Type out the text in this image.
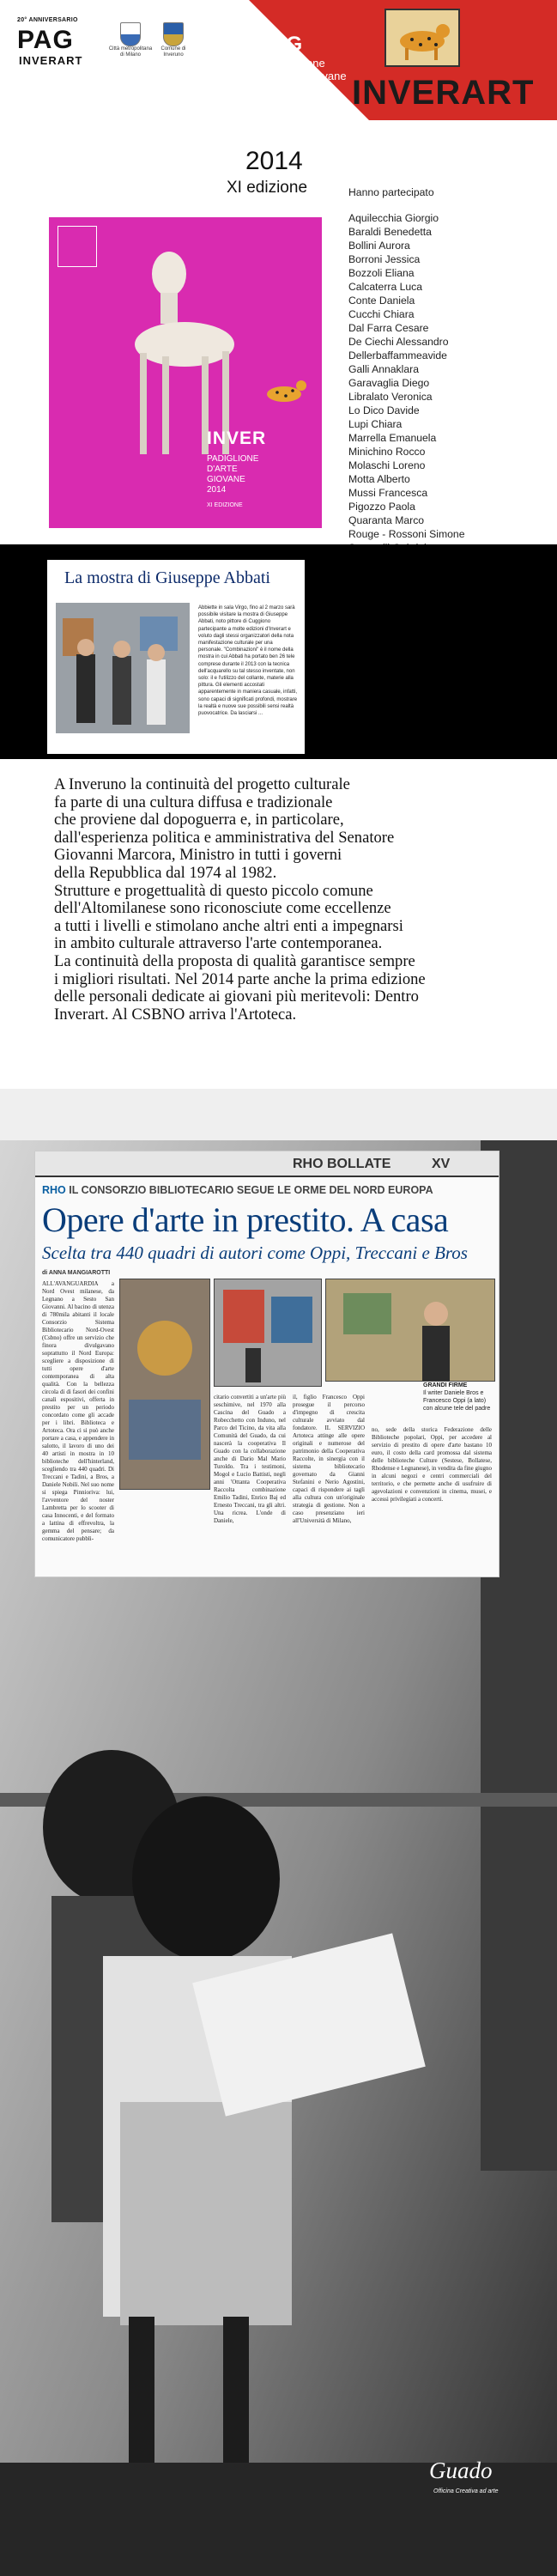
20° ANNIVERSARIO
PAG
INVERART
Città metropolitana di Milano
Comune di Inveruno	PAG
Padiglione
d'Arte Giovane INVERART
2014
XI edizione	Hanno partecipato
Aquilecchia Giorgio
Baraldi Benedetta
Bollini Aurora
Borroni Jessica
Bozzoli Eliana
Calcaterra Luca
Conte Daniela
Cucchi Chiara
Dal Farra Cesare
De Ciechi Alessandro
Dellerbaffammeavide
Galli Annaklara
Garavaglia Diego
Libralato Veronica
Lo Dico Davide
Lupi Chiara
Marrella Emanuela
Minichino Rocco
Molaschi Loreno
Motta Alberto
Mussi Francesca
Pigozzo Paola
Quaranta Marco
Rouge - Rossoni Simone
INVER
PADIGLIONE
D'ARTE
GIOVANE
2014
XI EDIZIONE
La mostra di Giuseppe Abbati
Abbiette in sala Virgo, fino al 2 marzo sarà possibile visitare la mostra di Giuseppe Abbati, noto pittore di Cuggiono partecipante a molte edizioni d'Inverart e voluto dagli stessi organizzatori della nota manifestazione culturale per una personale. "Combinazioni" è il nome della mostra in cui Abbati ha portato ben 26 tele comprese durante il 2013 con la tecnica dell'acquarello su tal stesso inventate, non solo: il e l'utilizzo del collante, materie alla pittura. Gli elementi accostati apparentemente in maniera casuale, infatti, sono capaci di significati profondi, mostrare la realtà e nuove sue possibili sensi realtà puovocatrice. Da lasciarsi ...

A Inveruno la continuità del progetto culturale

fa parte di una cultura diffusa e tradizionale

che proviene dal dopoguerra e, in particolare,

dall'esperienza politica e amministrativa del Senatore

Giovanni Marcora, Ministro in tutti i governi

della Repubblica dal 1974 al 1982.

Strutture e progettualità di questo piccolo comune

dell'Altomilanese sono riconosciute come eccellenze

a tutti i livelli e stimolano anche altri enti a impegnarsi

in ambito culturale attraverso l'arte contemporanea.

La continuità della proposta di qualità garantisce sempre

i migliori risultati. Nel 2014 parte anche la prima edizione

delle personali dedicate ai giovani più meritevoli: Dentro

Inverart. Al CSBNO arriva l'Artoteca.

RHO BOLLATE	XV
RHO IL CONSORZIO BIBLIOTECARIO SEGUE LE ORME DEL NORD EUROPA
Opere d'arte in prestito. A casa
Scelta tra 440 quadri di autori come Oppi, Treccani e Bros
di ANNA MANGIAROTTI
ALL'AVANGUARDIA a Nord Ovest milanese, da Legnano a Sesto San Giovanni. Al bacino di utenza di 780mila abitanti il locale Consorzio Sistema Bibliotecario Nord-Ovest (Csbno) offre un servizio che finora divulgavano soprattutto il Nord Europa: scegliere a disposizione di tutti opere d'arte contemporanea di alta qualità. Con la bellezza circola di di fasori dei confini canali espositivi, offerta in prestito per un periodo concordato come gli accade per i libri. Biblioteca e Artoteca. Ora ci si può anche portare a casa, e appendere in salotto, il lavoro di uno dei 40 artisti in mostra in 10 biblioteche dell'hinterland, scegliendo tra 440 quadri. Di Treccani e Tadini, a Bros, a Daniele Nobili. Nel suo nome si spiega Pinnioriva: lui, l'avventore del noster Lambretta per lo scooter di casa Innocenti, e del formato a lattina di effrevoltra, la gemma del pensare; da comunicatore pubbli-
GRANDI FIRME
Il writer Daniele Bros e Francesco Oppi (a lato) con alcune tele del padre
citario convertiti a un'arte più seschimive, nel 1970 alla Cascina del Guado a Robecchetto con Induno, nel Parco del Ticino, da vita alla Comunità del Guado, da cui nascerà la cooperativa Il Guado con la collaborazione anche di Dario Mal Mario Turoldo. Tra i testimoni, Mogol e Lucio Battisti, negli anni 'Ottanta Cooperativa Raccolta combinazione Emilio Tadini, Enrico Baj ed Ernesto Treccani, tra gli altri. Una ricrea. L'onde di Daniele,
il, figlio Francesco Oppi prosegue il percorso d'impegno di crescita culturale avviato dal fondatore. IL SERVIZIO Artoteca attinge alle opere originali e numerose del patrimonio della Cooperativa Raccolte, in sinergia con il sistema bibliotecario governato da Gianni Stefanini e Nerio Agostini, capaci di rispondere ai tagli alla cultura con un'originale strategia di gestione. Non a caso presenziano ieri all'Università di Milano,
no, sede della storica Federazione delle Biblioteche popolari, Oppi, per accedere al servizio di prestito di opere d'arte bastano 10 euro, il costo della card promossa dal sistema delle biblioteche Culture (Sestese, Bollatese, Rhodense e Legnanese), in vendita da fine giugno in alcuni negozi e centri commerciali del territorio, e che permette anche di usufruire di agevolazioni e convenzioni in cinema, musei, e accessi privilegiati a concerti.
Guado
Officina Creativa ad arte
